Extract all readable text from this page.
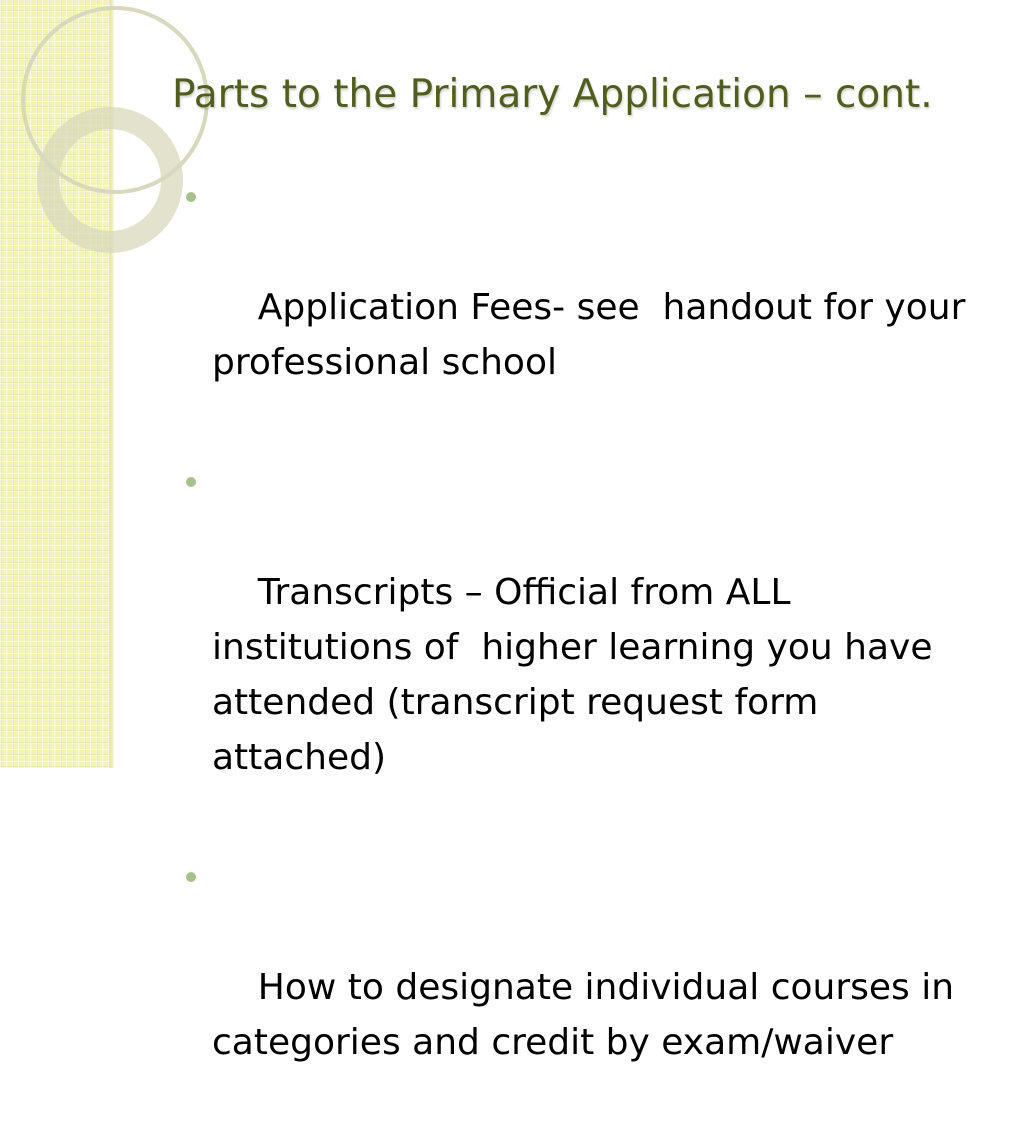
Parts to the Primary Application – cont.

Application Fees- see  handout for your professional school

Transcripts – Official from ALL institutions of  higher learning you have attended (transcript request form attached)

How to designate individual courses in categories and credit by exam/waiver
